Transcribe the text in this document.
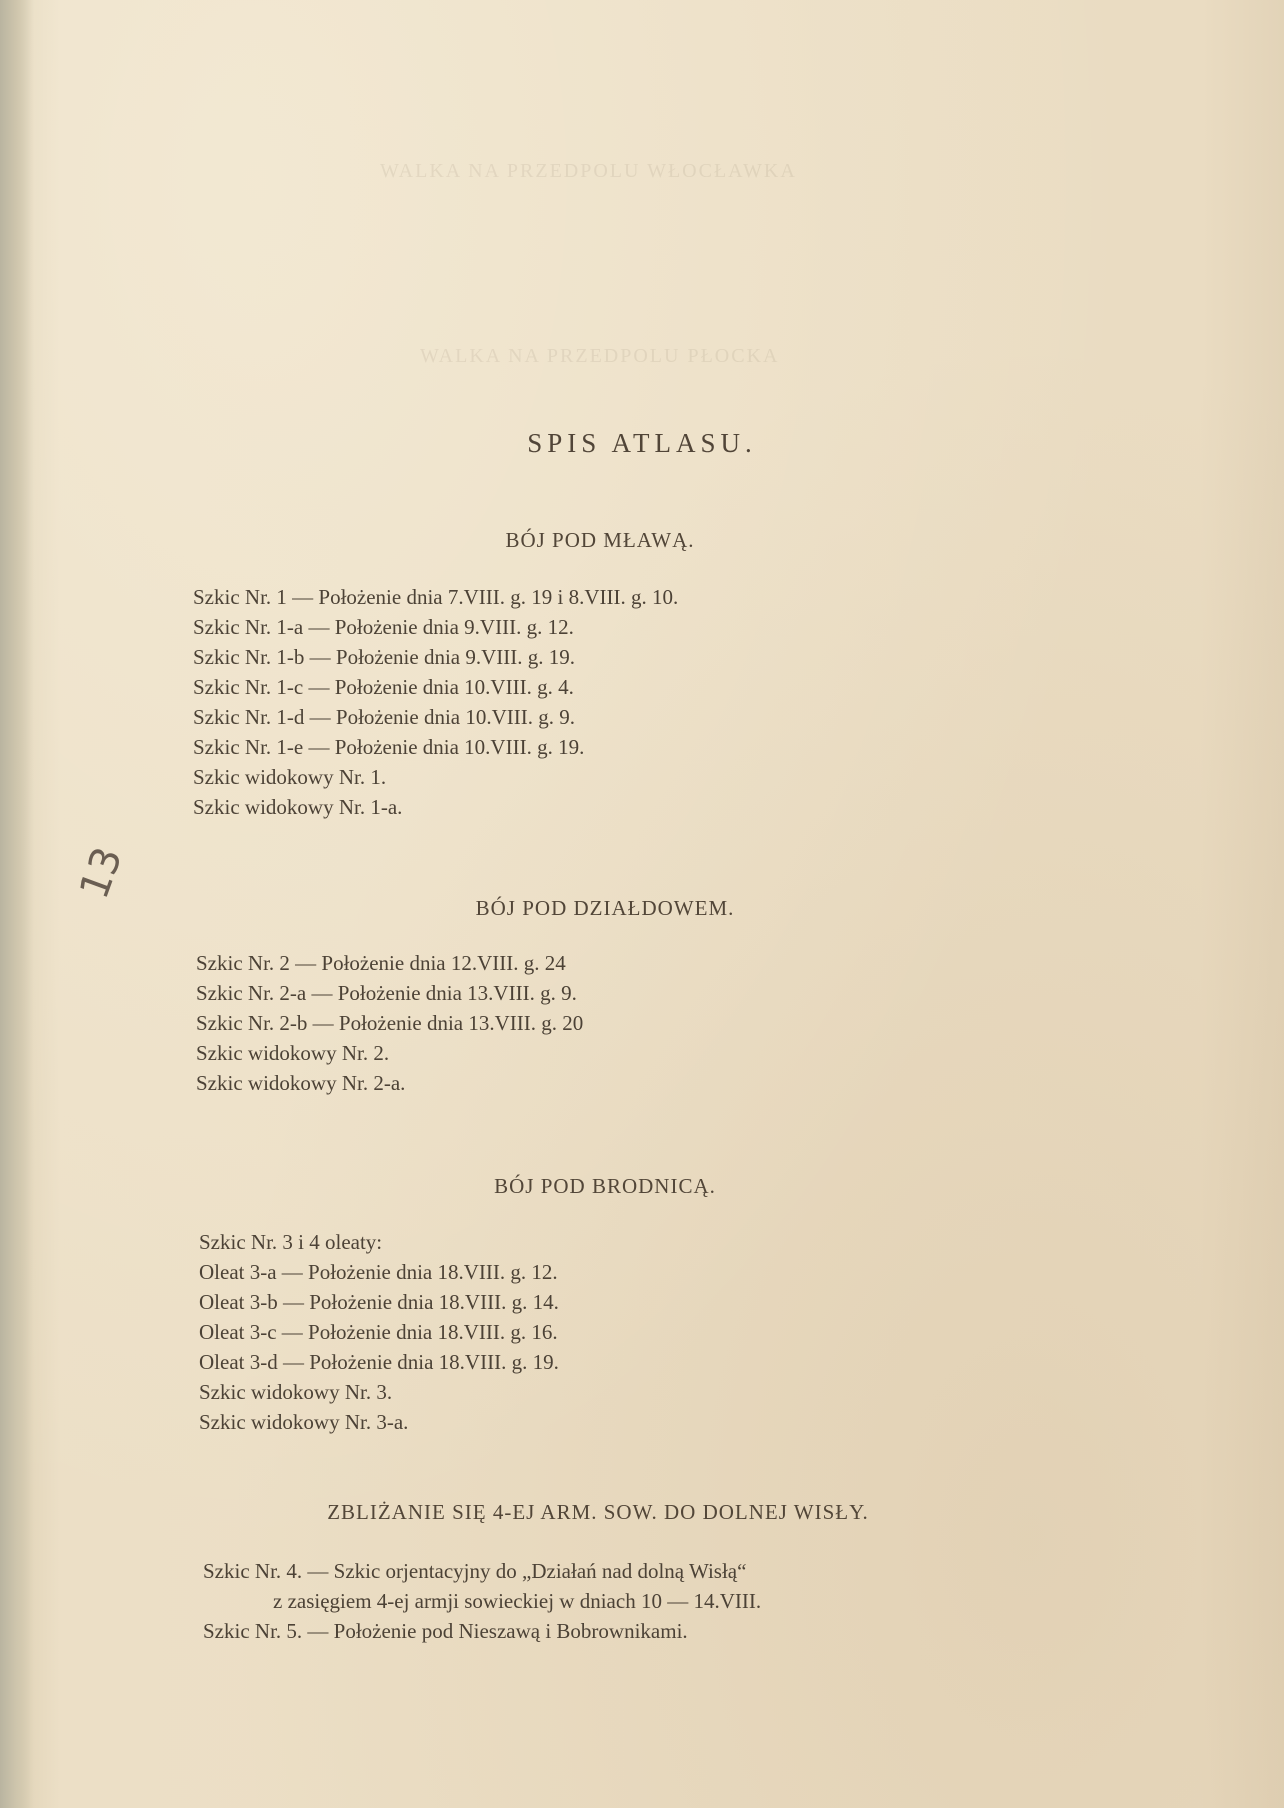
WALKA NA PRZEDPOLU WŁOCŁAWKA
WALKA NA PRZEDPOLU PŁOCKA
13
SPIS ATLASU.
BÓJ POD MŁAWĄ.
Szkic Nr. 1 — Położenie dnia 7.VIII. g. 19 i 8.VIII. g. 10.
Szkic Nr. 1-a — Położenie dnia 9.VIII. g. 12.
Szkic Nr. 1-b — Położenie dnia 9.VIII. g. 19.
Szkic Nr. 1-c — Położenie dnia 10.VIII. g. 4.
Szkic Nr. 1-d — Położenie dnia 10.VIII. g. 9.
Szkic Nr. 1-e — Położenie dnia 10.VIII. g. 19.
Szkic widokowy Nr. 1.
Szkic widokowy Nr. 1-a.
BÓJ POD DZIAŁDOWEM.
Szkic Nr. 2 — Położenie dnia 12.VIII. g. 24
Szkic Nr. 2-a — Położenie dnia 13.VIII. g. 9.
Szkic Nr. 2-b — Położenie dnia 13.VIII. g. 20
Szkic widokowy Nr. 2.
Szkic widokowy Nr. 2-a.
BÓJ POD BRODNICĄ.
Szkic Nr. 3 i 4 oleaty:
Oleat 3-a — Położenie dnia 18.VIII. g. 12.
Oleat 3-b — Położenie dnia 18.VIII. g. 14.
Oleat 3-c — Położenie dnia 18.VIII. g. 16.
Oleat 3-d — Położenie dnia 18.VIII. g. 19.
Szkic widokowy Nr. 3.
Szkic widokowy Nr. 3-a.
ZBLIŻANIE SIĘ 4-EJ ARM. SOW. DO DOLNEJ WISŁY.
Szkic Nr. 4. — Szkic orjentacyjny do „Działań nad dolną Wisłą“
z zasięgiem 4-ej armji sowieckiej w dniach 10 — 14.VIII.
Szkic Nr. 5. — Położenie pod Nieszawą i Bobrownikami.
